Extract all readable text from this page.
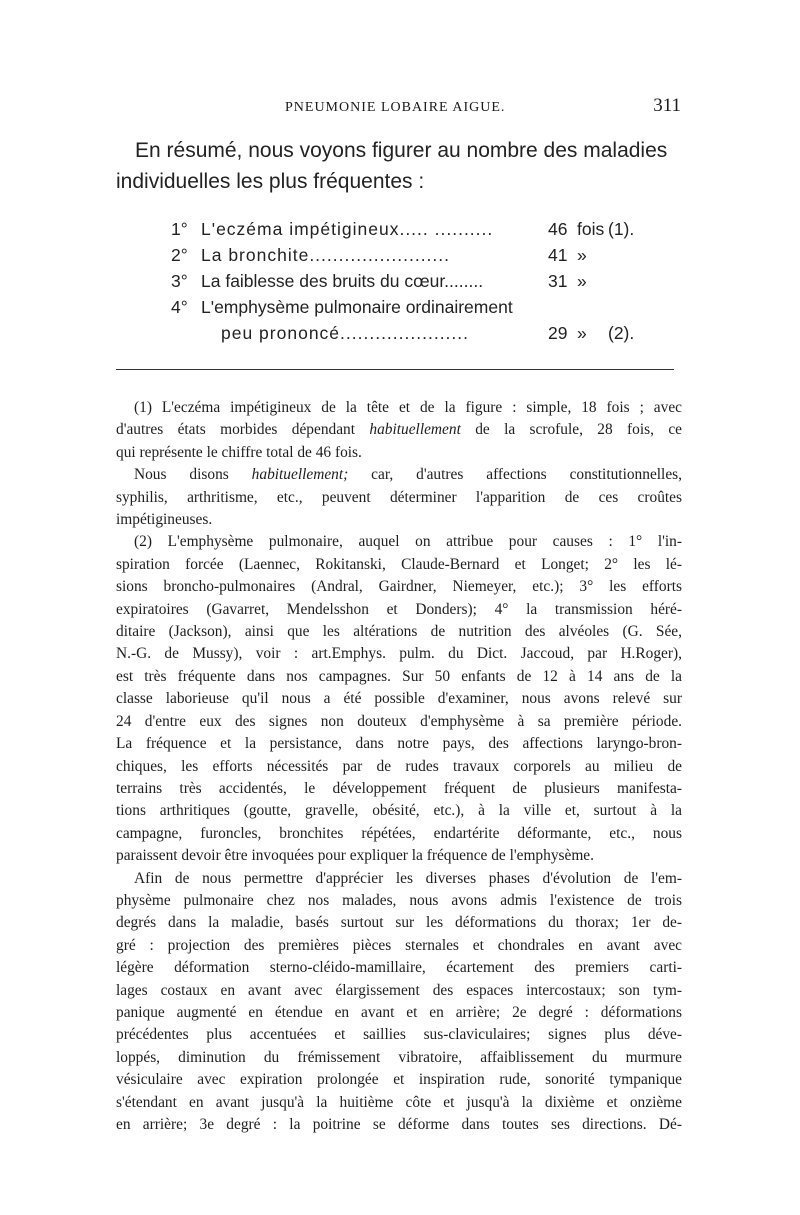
PNEUMONIE LOBAIRE AIGUE.	311

En résumé, nous voyons figurer au nombre des maladies

individuelles les plus fréquentes :
1° L'eczéma impétigineux..... ..........	46 fois (1).
2° La bronchite........................	41 »
3° La faiblesse des bruits du cœur........	31 »
4° L'emphysème pulmonaire ordinairement
peu prononcé......................	29 » (2).
(1) L'eczéma impétigineux de la tête et de la figure : simple, 18 fois ; avec
d'autres états morbides dépendant habituellement de la scrofule, 28 fois, ce
qui représente le chiffre total de 46 fois.
Nous disons habituellement; car, d'autres affections constitutionnelles,
syphilis, arthritisme, etc., peuvent déterminer l'apparition de ces croûtes
impétigineuses.
(2) L'emphysème pulmonaire, auquel on attribue pour causes : 1° l'in-
spiration forcée (Laennec, Rokitanski, Claude-Bernard et Longet; 2° les lé-
sions broncho-pulmonaires (Andral, Gairdner, Niemeyer, etc.); 3° les efforts
expiratoires (Gavarret, Mendelsshon et Donders); 4° la transmission héré-
ditaire (Jackson), ainsi que les altérations de nutrition des alvéoles (G. Sée,
N.-G. de Mussy), voir : art.Emphys. pulm. du Dict. Jaccoud, par H.Roger),
est très fréquente dans nos campagnes. Sur 50 enfants de 12 à 14 ans de la
classe laborieuse qu'il nous a été possible d'examiner, nous avons relevé sur
24 d'entre eux des signes non douteux d'emphysème à sa première période.
La fréquence et la persistance, dans notre pays, des affections laryngo-bron-
chiques, les efforts nécessités par de rudes travaux corporels au milieu de
terrains très accidentés, le développement fréquent de plusieurs manifesta-
tions arthritiques (goutte, gravelle, obésité, etc.), à la ville et, surtout à la
campagne, furoncles, bronchites répétées, endartérite déformante, etc., nous
paraissent devoir être invoquées pour expliquer la fréquence de l'emphysème.
Afin de nous permettre d'apprécier les diverses phases d'évolution de l'em-
physème pulmonaire chez nos malades, nous avons admis l'existence de trois
degrés dans la maladie, basés surtout sur les déformations du thorax; 1er de-
gré : projection des premières pièces sternales et chondrales en avant avec
légère déformation sterno-cléido-mamillaire, écartement des premiers carti-
lages costaux en avant avec élargissement des espaces intercostaux; son tym-
panique augmenté en étendue en avant et en arrière; 2e degré : déformations
précédentes plus accentuées et saillies sus-claviculaires; signes plus déve-
loppés, diminution du frémissement vibratoire, affaiblissement du murmure
vésiculaire avec expiration prolongée et inspiration rude, sonorité tympanique
s'étendant en avant jusqu'à la huitième côte et jusqu'à la dixième et onzième
en arrière; 3e degré : la poitrine se déforme dans toutes ses directions. Dé-
